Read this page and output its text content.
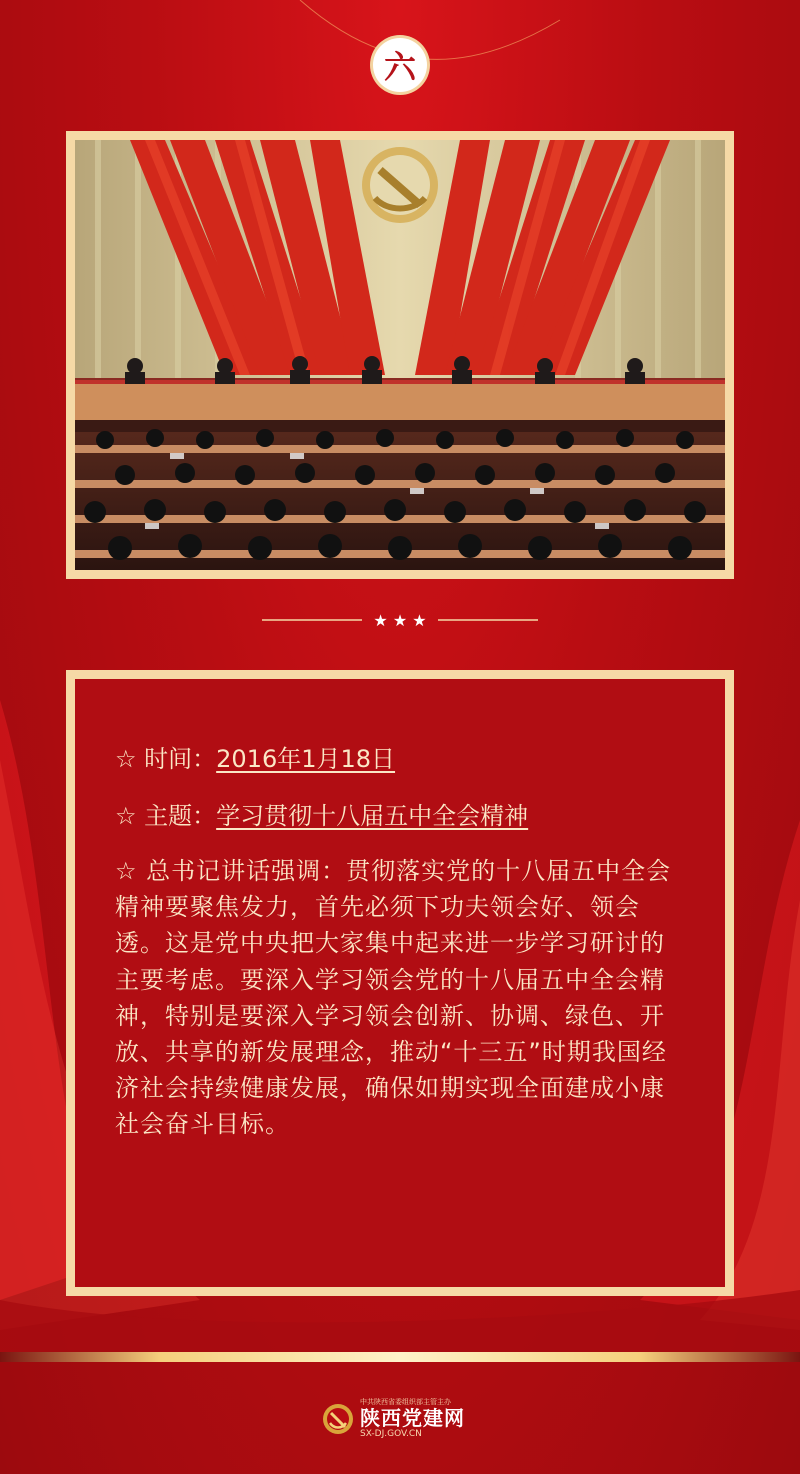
六
★ ★ ★

☆ 时间：2016年1月18日

☆ 主题：学习贯彻十八届五中全会精神

☆ 总书记讲话强调：贯彻落实党的十八届五中全会精神要聚焦发力，首先必须下功夫领会好、领会透。这是党中央把大家集中起来进一步学习研讨的主要考虑。要深入学习领会党的十八届五中全会精神，特别是要深入学习领会创新、协调、绿色、开放、共享的新发展理念，推动“十三五”时期我国经济社会持续健康发展，确保如期实现全面建成小康社会奋斗目标。

中共陕西省委组织部主管主办
陕西党建网
SX-DJ.GOV.CN
